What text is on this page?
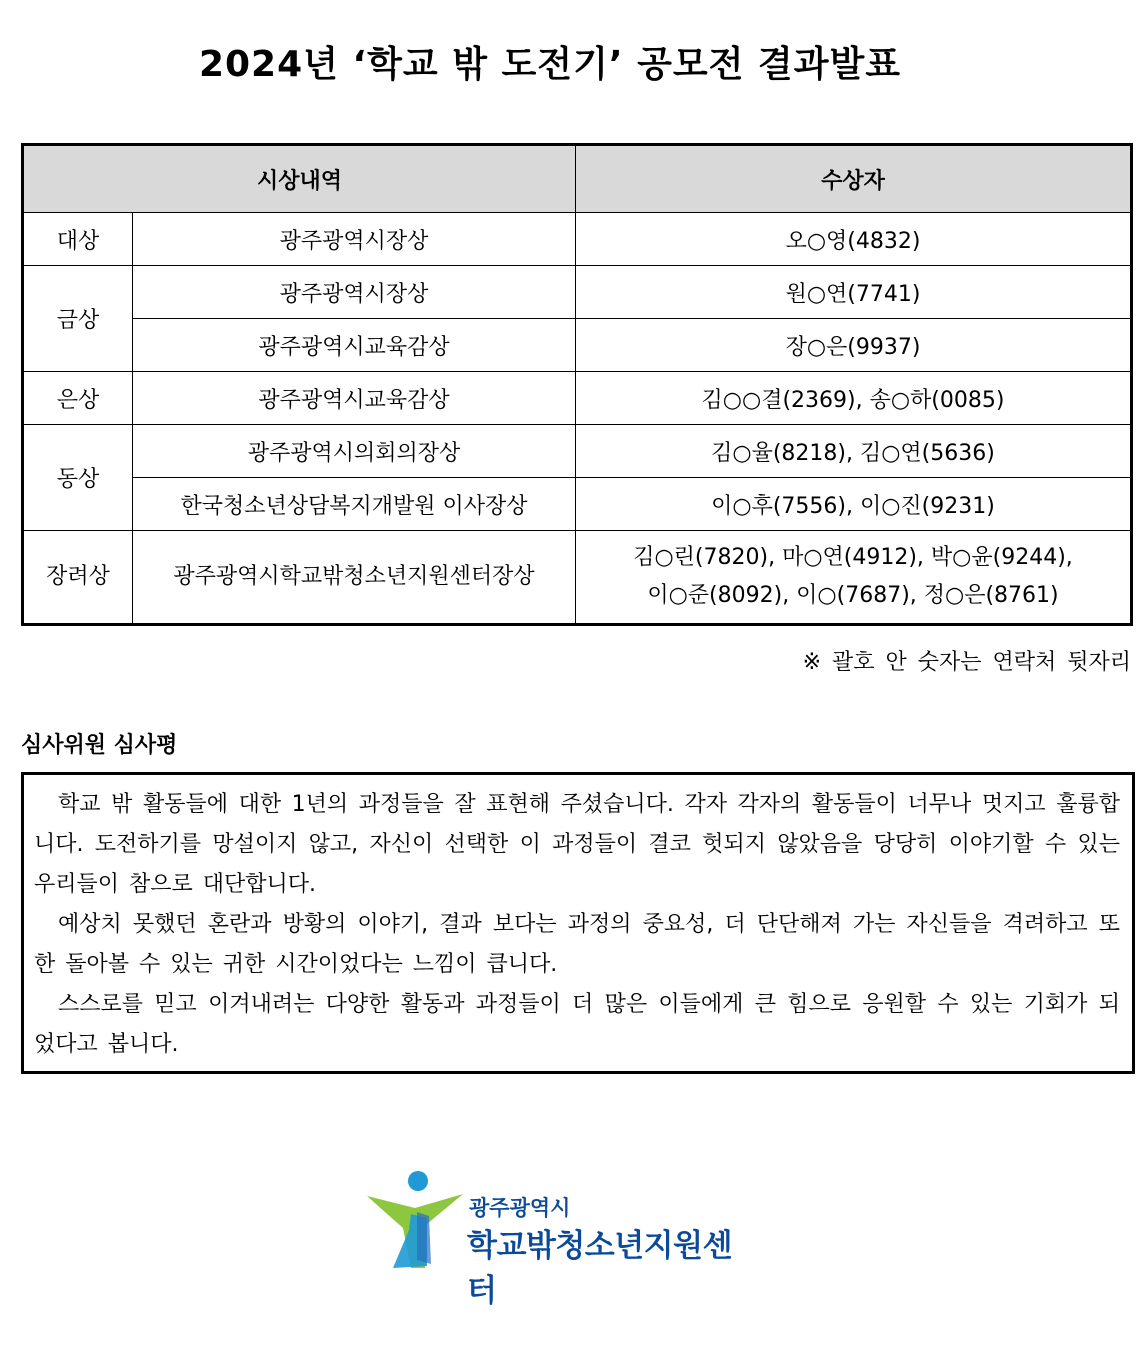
2024년 ‘학교 밖 도전기’ 공모전 결과발표
시상내역		수상자
대상	광주광역시장상	오○영(4832)
금상	광주광역시장상	원○연(7741)
	광주광역시교육감상	장○은(9937)
은상	광주광역시교육감상	김○○결(2369), 송○하(0085)
동상	광주광역시의회의장상	김○율(8218), 김○연(5636)
	한국청소년상담복지개발원 이사장상	이○후(7556), 이○진(9231)
장려상	광주광역시학교밖청소년지원센터장상	김○린(7820), 마○연(4912), 박○윤(9244),
이○준(8092), 이○(7687), 정○은(8761)
※ 괄호 안 숫자는 연락처 뒷자리
심사위원 심사평

학교 밖 활동들에 대한 1년의 과정들을 잘 표현해 주셨습니다. 각자 각자의 활동들이 너무나 멋지고 훌륭합니다. 도전하기를 망설이지 않고, 자신이 선택한 이 과정들이 결코 헛되지 않았음을 당당히 이야기할 수 있는 우리들이 참으로 대단합니다.

예상치 못했던 혼란과 방황의 이야기, 결과 보다는 과정의 중요성, 더 단단해져 가는 자신들을 격려하고 또한 돌아볼 수 있는 귀한 시간이었다는 느낌이 큽니다.

스스로를 믿고 이겨내려는 다양한 활동과 과정들이 더 많은 이들에게 큰 힘으로 응원할 수 있는 기회가 되었다고 봅니다.

광주광역시
학교밖청소년지원센터
